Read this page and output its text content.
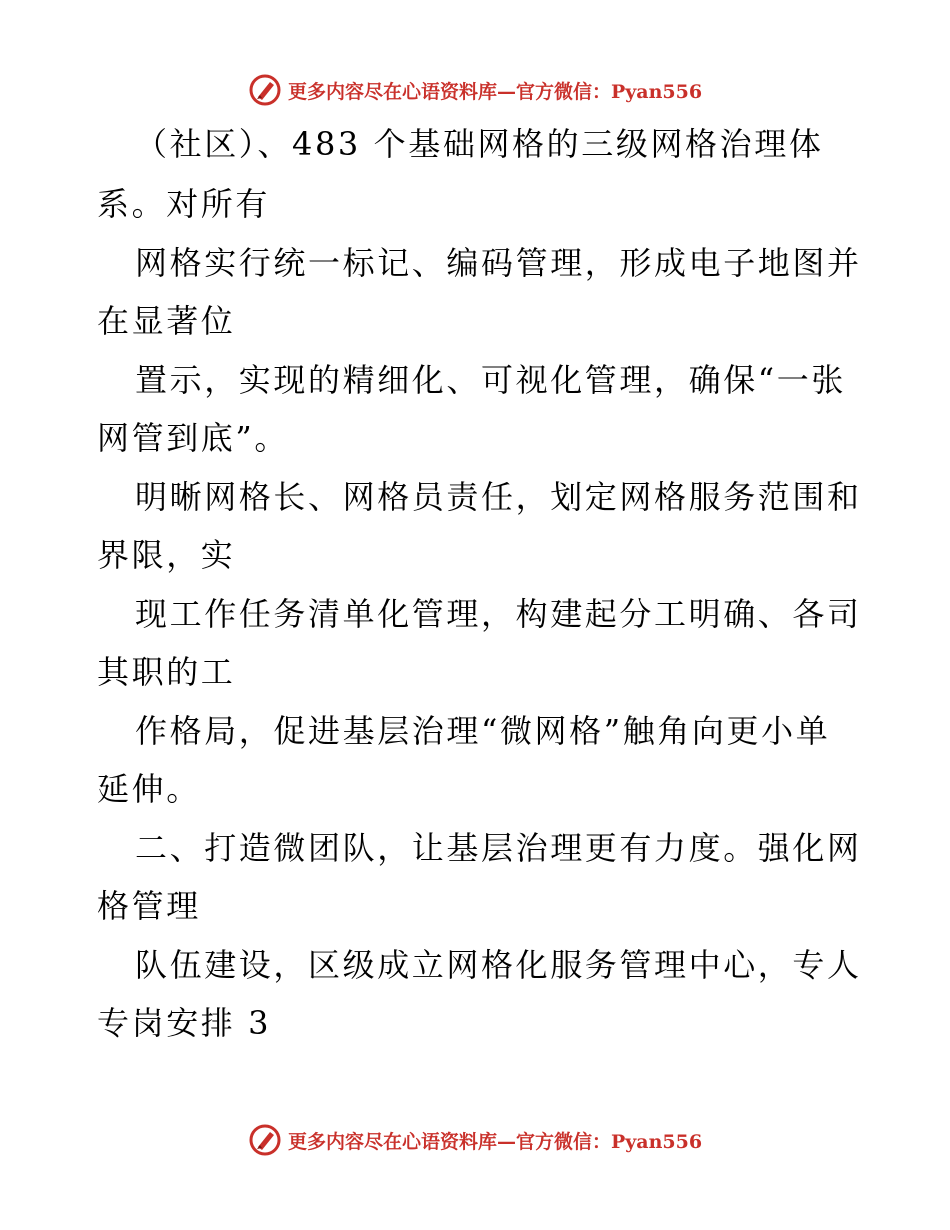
更多内容尽在心语资料库—官方微信：Pyan556
（社区）、483 个基础网格的三级网格治理体
系。对所有
网格实行统一标记、编码管理，形成电子地图并
在显著位
置示，实现的精细化、可视化管理，确保“一张
网管到底”。
明晰网格长、网格员责任，划定网格服务范围和
界限，实
现工作任务清单化管理，构建起分工明确、各司
其职的工
作格局，促进基层治理“微网格”触角向更小单
延伸。
二、打造微团队，让基层治理更有力度。强化网
格管理
队伍建设，区级成立网格化服务管理中心，专人
专岗安排 3
更多内容尽在心语资料库—官方微信：Pyan556
